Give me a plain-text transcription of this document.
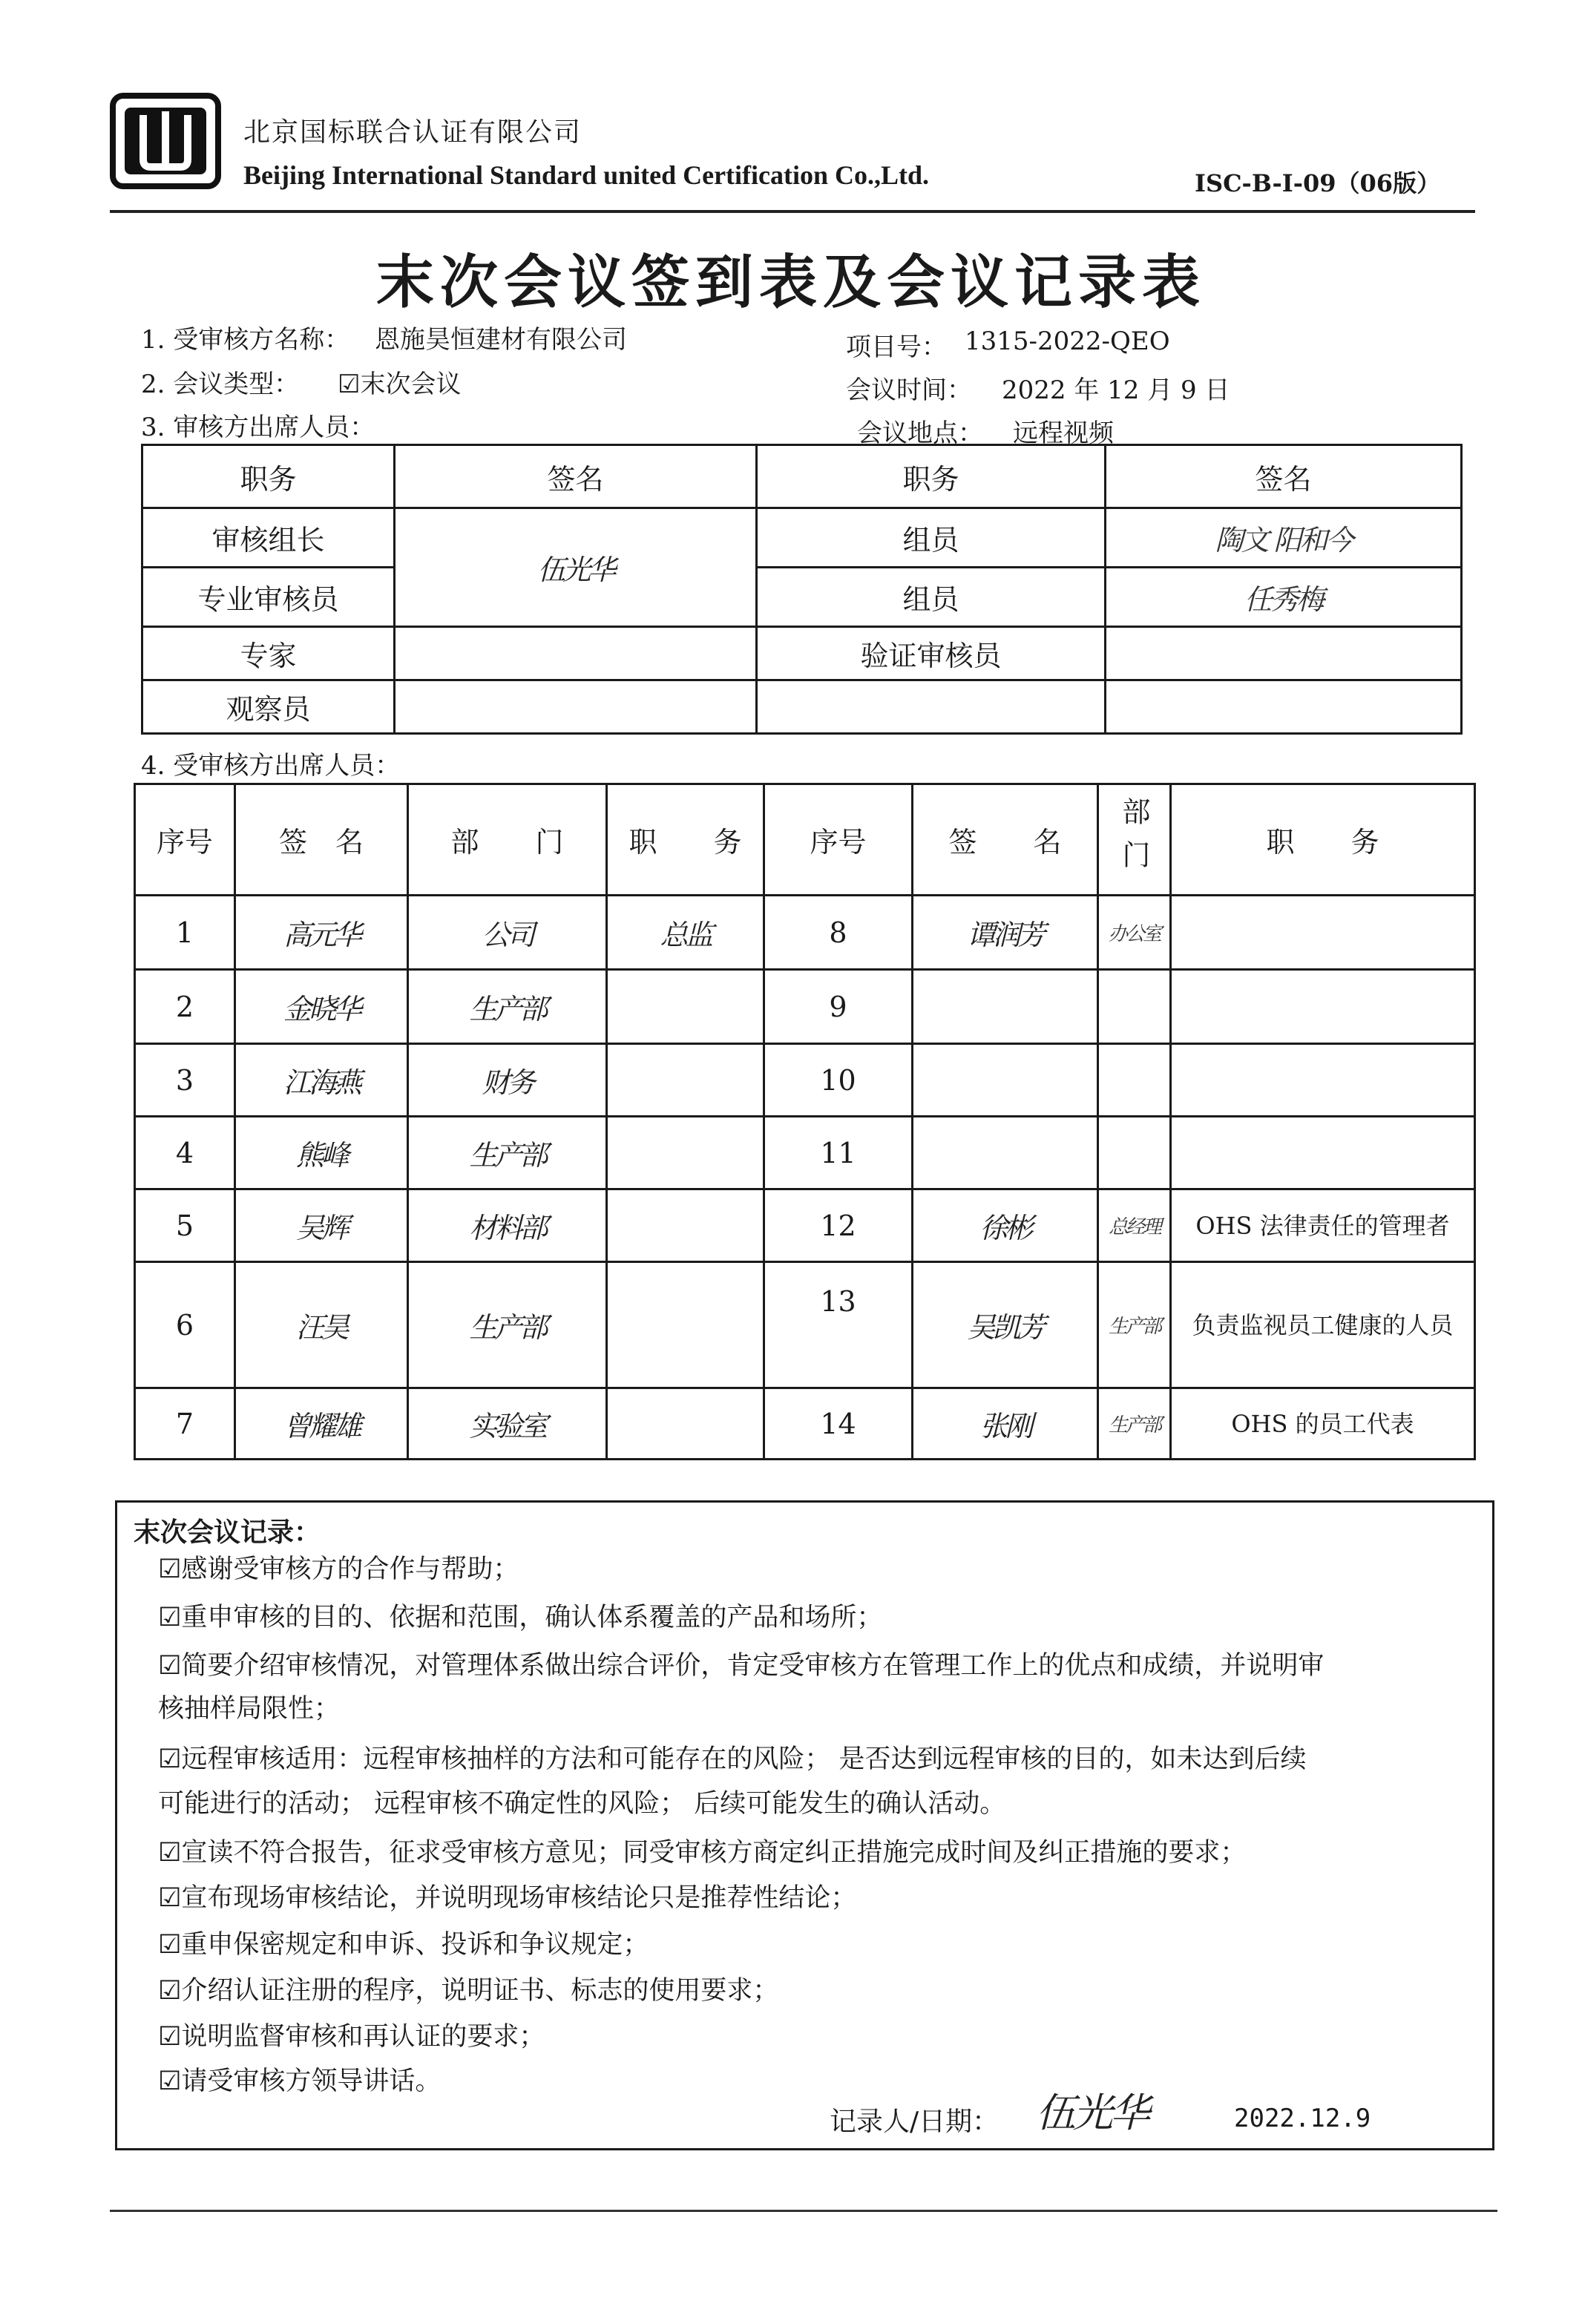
北京国标联合认证有限公司
Beijing International Standard united Certification Co.,Ltd.	ISC-B-I-09（06版）
末次会议签到表及会议记录表
1. 受审核方名称： 恩施昊恒建材有限公司	项目号： 1315-2022-QEO
2. 会议类型： ☑末次会议	会议时间： 2022 年 12 月 9 日
3. 审核方出席人员：	会议地点： 远程视频
职务	签名	职务	签名
审核组长	伍光华	组员	陶文 阳和今
专业审核员		组员	任秀梅
专家		验证审核员	
观察员			
4. 受审核方出席人员：
序号	签　名	部　　门	职　　务	序号	签　　名	部门	职　　务
1	高元华	公司	总监	8	谭润芳	办公室	
2	金晓华	生产部		9			
3	江海燕	财务		10			
4	熊峰	生产部		11			
5	吴辉	材料部		12	徐彬	总经理	OHS 法律责任的管理者
6	汪昊	生产部		13	吴凯芳	生产部	负责监视员工健康的人员
7	曾耀雄	实验室		14	张刚	生产部	OHS 的员工代表
末次会议记录：
☑感谢受审核方的合作与帮助；
☑重申审核的目的、依据和范围，确认体系覆盖的产品和场所；
☑简要介绍审核情况，对管理体系做出综合评价，肯定受审核方在管理工作上的优点和成绩，并说明审
核抽样局限性；
☑远程审核适用：远程审核抽样的方法和可能存在的风险； 是否达到远程审核的目的，如未达到后续
可能进行的活动； 远程审核不确定性的风险； 后续可能发生的确认活动。
☑宣读不符合报告，征求受审核方意见；同受审核方商定纠正措施完成时间及纠正措施的要求；
☑宣布现场审核结论，并说明现场审核结论只是推荐性结论；
☑重申保密规定和申诉、投诉和争议规定；
☑介绍认证注册的程序，说明证书、标志的使用要求；
☑说明监督审核和再认证的要求；
☑请受审核方领导讲话。
记录人/日期： 伍光华	2022.12.9
